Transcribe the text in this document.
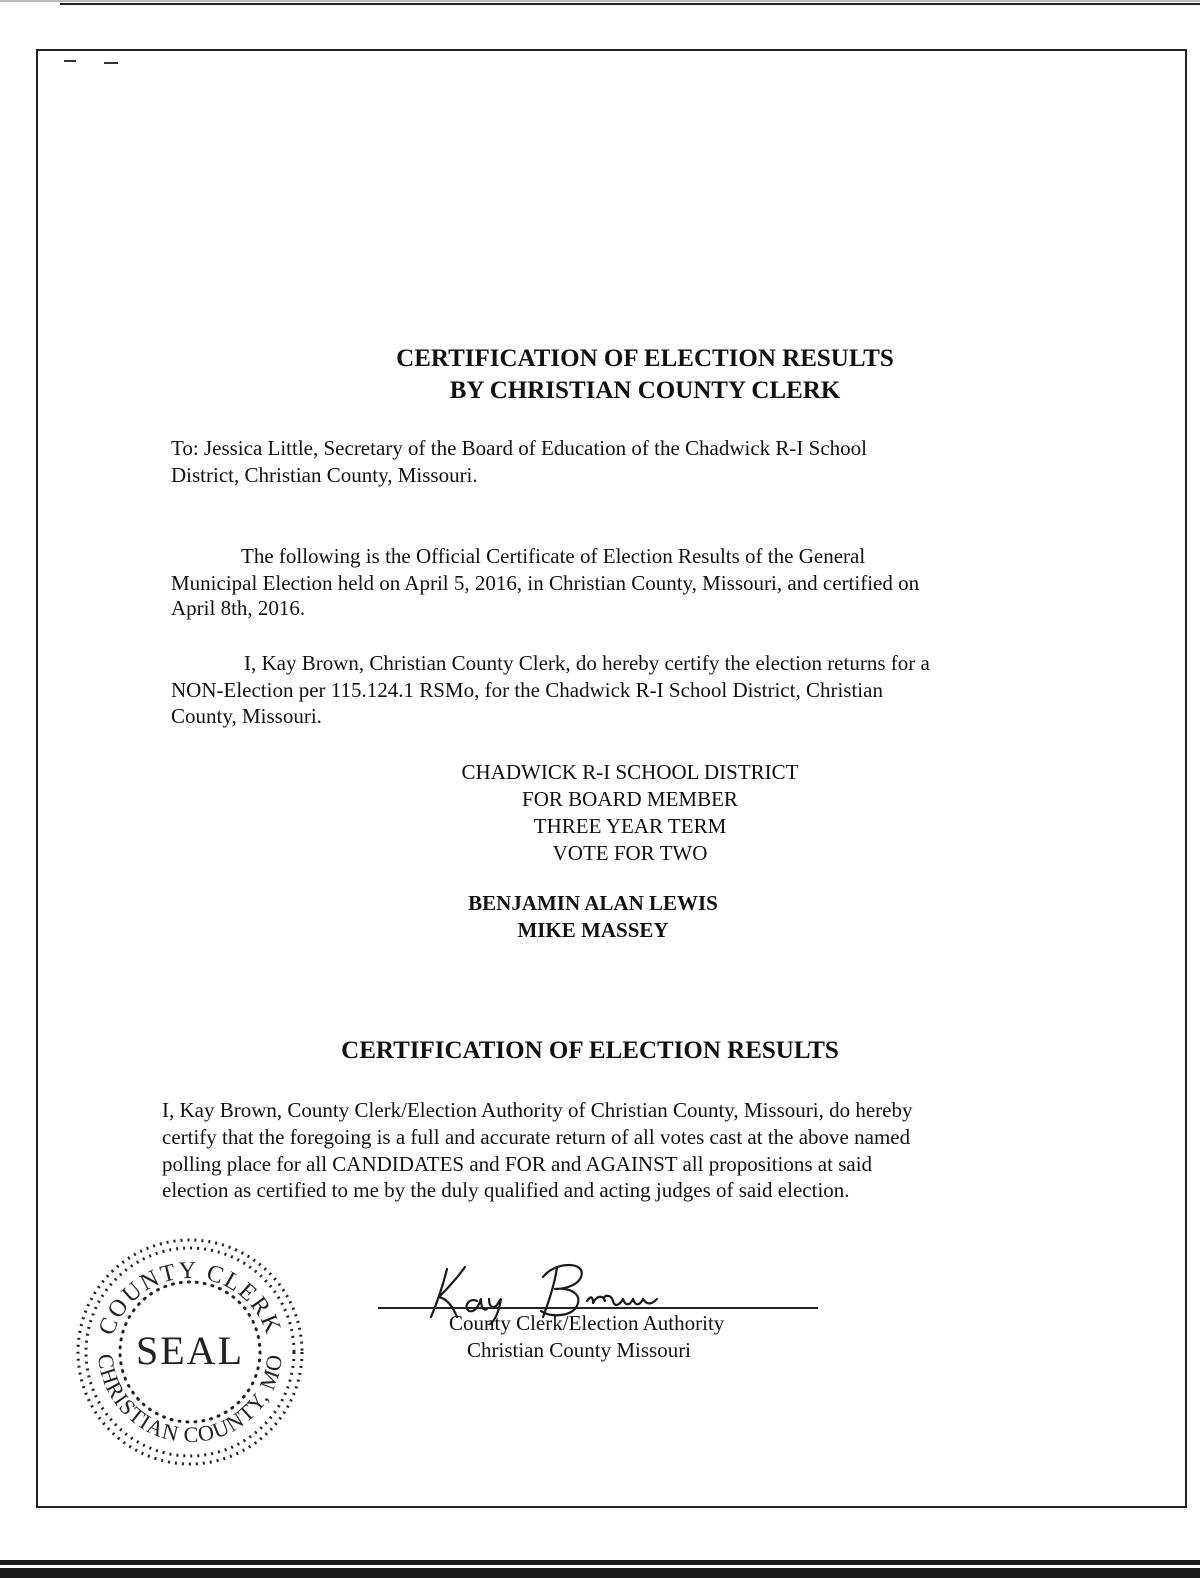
CERTIFICATION OF ELECTION RESULTS
BY CHRISTIAN COUNTY CLERK
To: Jessica Little, Secretary of the Board of Education of the Chadwick R-I School
District, Christian County, Missouri.
The following is the Official Certificate of Election Results of the General
Municipal Election held on April 5, 2016, in Christian County, Missouri, and certified on
April 8th, 2016.
I, Kay Brown, Christian County Clerk, do hereby certify the election returns for a
NON-Election per 115.124.1 RSMo, for the Chadwick R-I School District, Christian
County, Missouri.
CHADWICK R-I SCHOOL DISTRICT
FOR BOARD MEMBER
THREE YEAR TERM
VOTE FOR TWO
BENJAMIN ALAN LEWIS
MIKE MASSEY
CERTIFICATION OF ELECTION RESULTS
I, Kay Brown, County Clerk/Election Authority of Christian County, Missouri, do hereby
certify that the foregoing is a full and accurate return of all votes cast at the above named
polling place for all CANDIDATES and FOR and AGAINST all propositions at said
election as certified to me by the duly qualified and acting judges of said election.
COUNTY CLERK
CHRISTIAN COUNTY, MO
SEAL
County Clerk/Election Authority
Christian County Missouri
